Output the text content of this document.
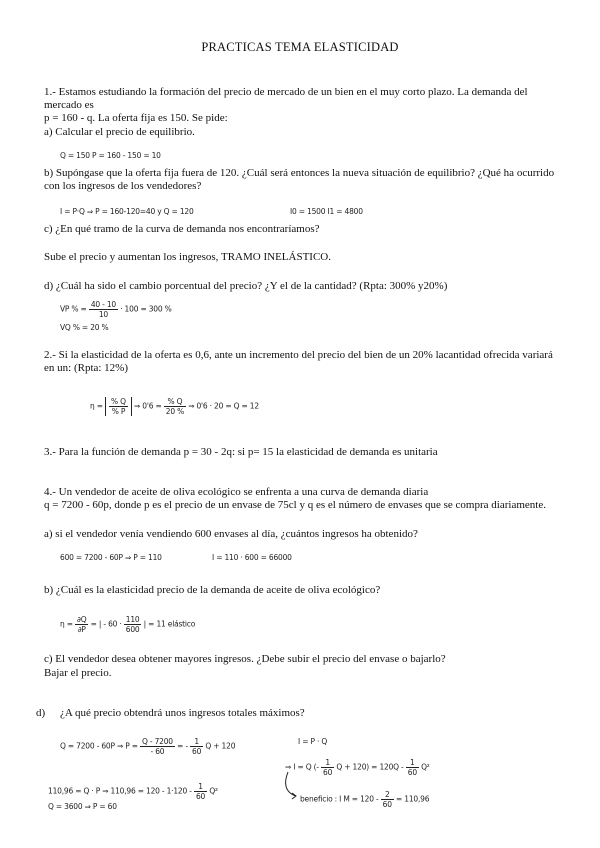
PRACTICAS TEMA ELASTICIDAD
1.- Estamos estudiando la formación del precio de mercado de un bien en el muy corto plazo. La demanda del mercado es
p = 160 - q. La oferta fija es 150. Se pide:
a) Calcular el precio de equilibrio.
Q = 150 P = 160 - 150 = 10
b) Supóngase que la oferta fija fuera de 120. ¿Cuál será entonces la nueva situación de equilibrio? ¿Qué ha ocurrido con los ingresos de los vendedores?
I = P·Q ⇒ P = 160-120=40 y Q = 120	I0 = 1500 I1 = 4800
c) ¿En qué tramo de la curva de demanda nos encontraríamos?
Sube el precio y aumentan los ingresos, TRAMO INELÁSTICO.
d) ¿Cuál ha sido el cambio porcentual del precio? ¿Y el de la cantidad? (Rpta: 300% y20%)
VP % = $\frac{40 - 10}{10} \cdot 100 = 300$ %
VQ % = 20 %
2.- Si la elasticidad de la oferta es 0,6, ante un incremento del precio del bien de un 20% lacantidad ofrecida variará en un: (Rpta: 12%)
$\eta = \frac{\% Q}{\% P}$ ⇒ $0'6 = \frac{\% Q}{20 \%}$ ⇒ 0'6 · 20 = Q = 12
3.- Para la función de demanda p = 30 - 2q: si p= 15 la elasticidad de demanda es unitaria
4.- Un vendedor de aceite de oliva ecológico se enfrenta a una curva de demanda diaria
q = 7200 - 60p, donde p es el precio de un envase de 75cl y q es el número de envases que se compra diariamente.
a) si el vendedor venía vendiendo 600 envases al día, ¿cuántos ingresos ha obtenido?
600 = 7200 - 60P ⇒ P = 110	I = 110 · 600 = 66000
b) ¿Cuál es la elasticidad precio de la demanda de aceite de oliva ecológico?
$\eta = \frac{\partial Q}{\partial P}$ = | - $60 \cdot \frac{110}{600}$ | = 11 elástico
c) El vendedor desea obtener mayores ingresos. ¿Debe subir el precio del envase o bajarlo?
Bajar el precio.
d) ¿A qué precio obtendrá unos ingresos totales máximos?
Q = 7200 - 60P ⇒ $P = \frac{Q - 7200}{- 60}$ = - $\frac{1}{60}$ Q + 120	I = P · Q
⇒ I = Q (- $\frac{1}{60}$ $Q + 120) = 120Q - \frac{1}{60} Q^2$
110,96 = Q · P ⇒ $110,96 = 120 - 1\cdot 120 - \frac{1}{60} Q^2$
Q = 3600 ⇒ P = 60
beneficio : I $M = 120 - \frac{2}{60} = 110,96$
